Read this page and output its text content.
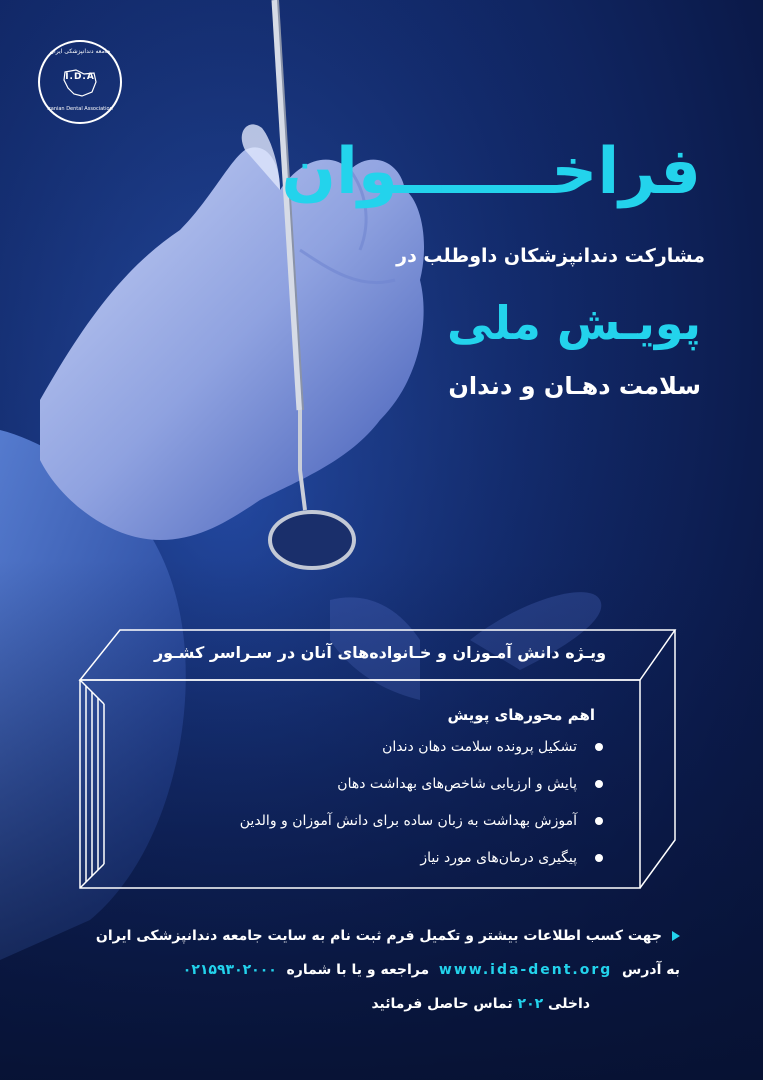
جامعه دندانپزشکی ایران
I.D.A
Iranian Dental Association
فراخـــــــوان
مشارکت دندانپزشکان داوطلب در
پویـش ملی
سلامت دهـان و دندان
ویـژه دانش آمـوزان و خـانواده‌های آنان در سـراسر کشـور
اهم محورهای پویش
تشکیل پرونده سلامت دهان دندان
پایش و ارزیابی شاخص‌های بهداشت دهان
آموزش بهداشت به زبان ساده برای دانش آموزان و والدین
پیگیری درمان‌های مورد نیاز
جهت کسب اطلاعات بیشتر و تکمیل فرم ثبت نام به سایت جامعه دندانپزشکی ایران
به آدرس  www.ida-dent.org  مراجعه و یا با شماره  ۰۲۱۵۹۳۰۲۰۰۰
داخلی ۲۰۲ تماس حاصل فرمائید
